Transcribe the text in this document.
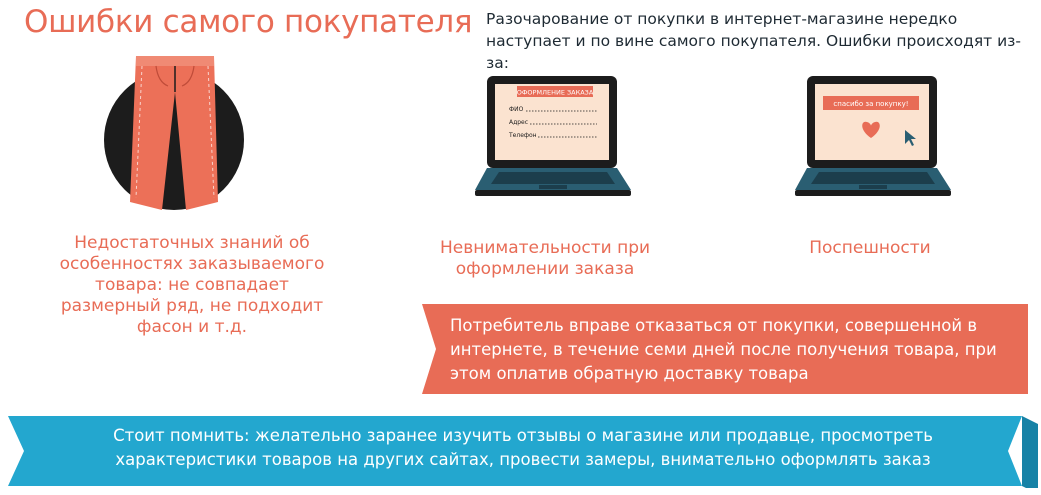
Ошибки самого покупателя Разочарование от покупки в интернет-магазине нередко наступает и по вине самого покупателя. Ошибки происходят из-за:
Недостаточных знаний об особенностях заказываемого товара: не совпадает размерный ряд, не подходит фасон и т.д.
ОФОРМЛЕНИЕ ЗАКАЗА
ФИО
Адрес
Телефон
Невнимательности при оформлении заказа
спасибо за покупку!
Поспешности
Потребитель вправе отказаться от покупки, совершенной в интернете, в течение семи дней после получения товара, при этом оплатив обратную доставку товара
Стоит помнить: желательно заранее изучить отзывы о магазине или продавце, просмотреть характеристики товаров на других сайтах, провести замеры, внимательно оформлять заказ
